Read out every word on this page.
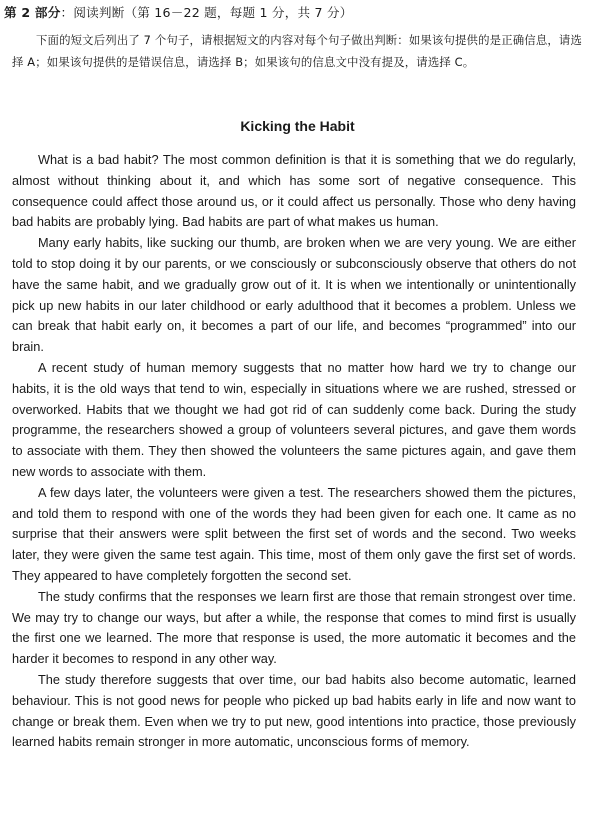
第 2 部分：阅读判断（第 16－22 题，每题 1 分，共 7 分）
下面的短文后列出了 7 个句子，请根据短文的内容对每个句子做出判断：如果该句提供的是正确信息，请选择 A；如果该句提供的是错误信息，请选择 B；如果该句的信息文中没有提及，请选择 C。
Kicking the Habit

What is a bad habit? The most common definition is that it is something that we do regularly, almost without thinking about it, and which has some sort of negative consequence. This consequence could affect those around us, or it could affect us personally. Those who deny having bad habits are probably lying. Bad habits are part of what makes us human.

Many early habits, like sucking our thumb, are broken when we are very young. We are either told to stop doing it by our parents, or we consciously or subconsciously observe that others do not have the same habit, and we gradually grow out of it. It is when we intentionally or unintentionally pick up new habits in our later childhood or early adulthood that it becomes a problem. Unless we can break that habit early on, it becomes a part of our life, and becomes “programmed” into our brain.

A recent study of human memory suggests that no matter how hard we try to change our habits, it is the old ways that tend to win, especially in situations where we are rushed, stressed or overworked. Habits that we thought we had got rid of can suddenly come back. During the study programme, the researchers showed a group of volunteers several pictures, and gave them words to associate with them. They then showed the volunteers the same pictures again, and gave them new words to associate with them.

A few days later, the volunteers were given a test. The researchers showed them the pictures, and told them to respond with one of the words they had been given for each one. It came as no surprise that their answers were split between the first set of words and the second. Two weeks later, they were given the same test again. This time, most of them only gave the first set of words. They appeared to have completely forgotten the second set.

The study confirms that the responses we learn first are those that remain strongest over time. We may try to change our ways, but after a while, the response that comes to mind first is usually the first one we learned. The more that response is used, the more automatic it becomes and the harder it becomes to respond in any other way.

The study therefore suggests that over time, our bad habits also become automatic, learned behaviour. This is not good news for people who picked up bad habits early in life and now want to change or break them. Even when we try to put new, good intentions into practice, those previously learned habits remain stronger in more automatic, unconscious forms of memory.
